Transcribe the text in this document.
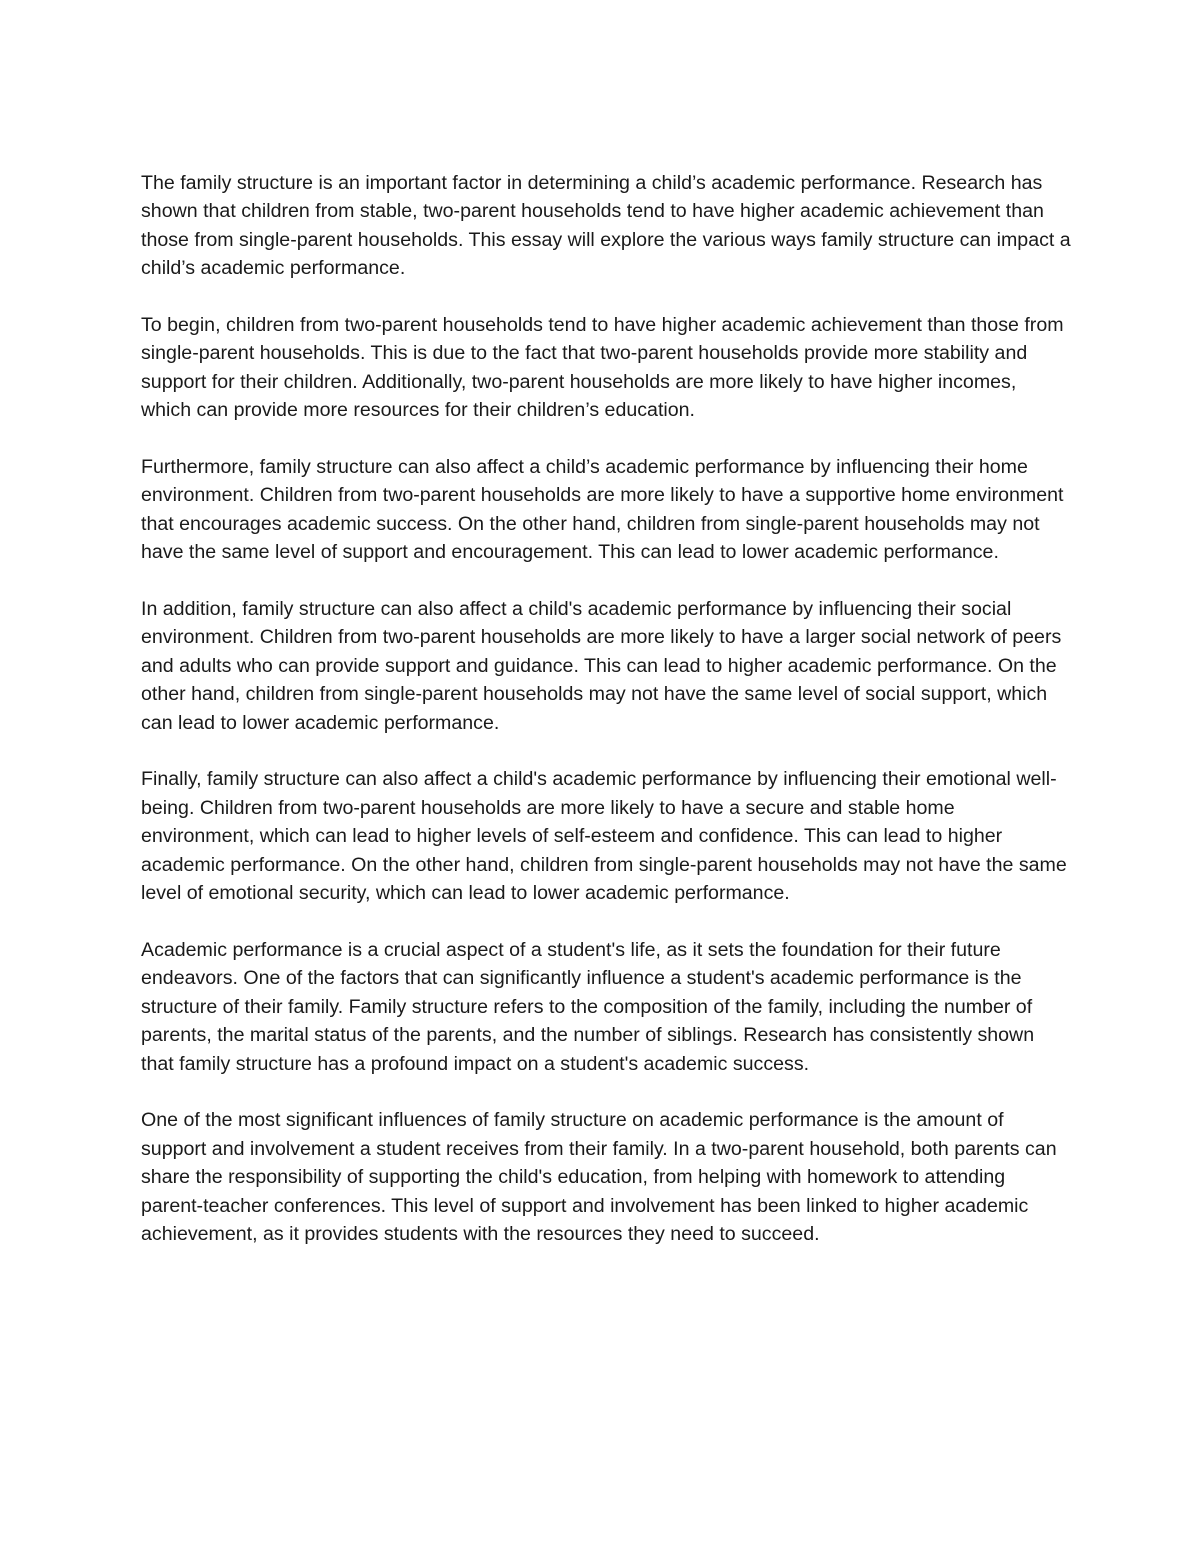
The family structure is an important factor in determining a child’s academic performance. Research has shown that children from stable, two-parent households tend to have higher academic achievement than those from single-parent households. This essay will explore the various ways family structure can impact a child’s academic performance.

To begin, children from two-parent households tend to have higher academic achievement than those from single-parent households. This is due to the fact that two-parent households provide more stability and support for their children. Additionally, two-parent households are more likely to have higher incomes, which can provide more resources for their children’s education.

Furthermore, family structure can also affect a child’s academic performance by influencing their home environment. Children from two-parent households are more likely to have a supportive home environment that encourages academic success. On the other hand, children from single-parent households may not have the same level of support and encouragement. This can lead to lower academic performance.

In addition, family structure can also affect a child's academic performance by influencing their social environment. Children from two-parent households are more likely to have a larger social network of peers and adults who can provide support and guidance. This can lead to higher academic performance. On the other hand, children from single-parent households may not have the same level of social support, which can lead to lower academic performance.

Finally, family structure can also affect a child's academic performance by influencing their emotional well-being. Children from two-parent households are more likely to have a secure and stable home environment, which can lead to higher levels of self-esteem and confidence. This can lead to higher academic performance. On the other hand, children from single-parent households may not have the same level of emotional security, which can lead to lower academic performance.

Academic performance is a crucial aspect of a student's life, as it sets the foundation for their future endeavors. One of the factors that can significantly influence a student's academic performance is the structure of their family. Family structure refers to the composition of the family, including the number of parents, the marital status of the parents, and the number of siblings. Research has consistently shown that family structure has a profound impact on a student's academic success.

One of the most significant influences of family structure on academic performance is the amount of support and involvement a student receives from their family. In a two-parent household, both parents can share the responsibility of supporting the child's education, from helping with homework to attending parent-teacher conferences. This level of support and involvement has been linked to higher academic achievement, as it provides students with the resources they need to succeed.
